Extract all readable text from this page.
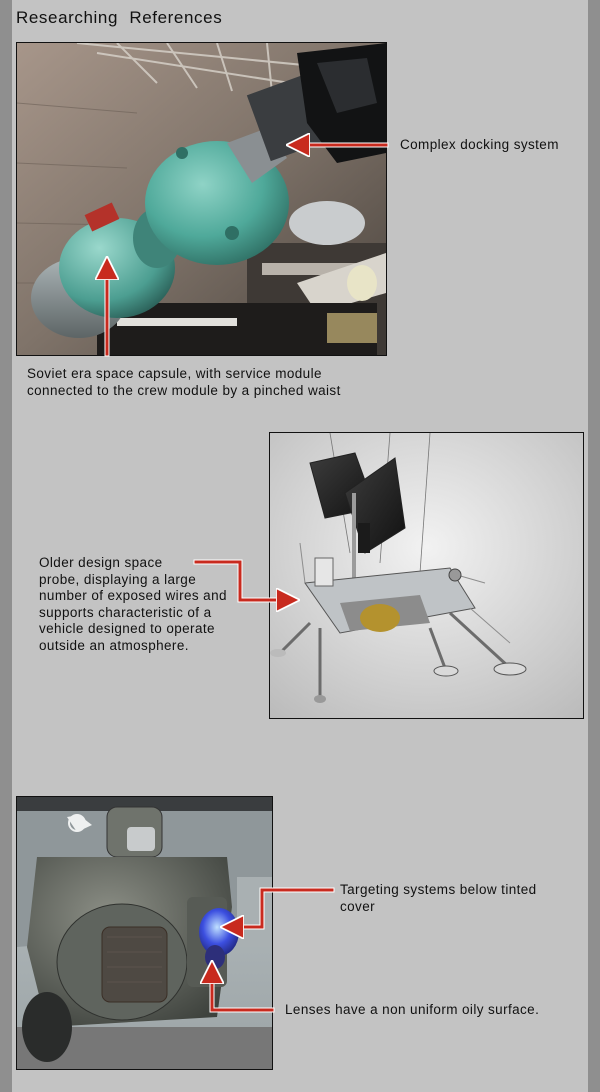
Researching References
Complex docking system
Soviet era space capsule, with service module
connected to the crew module by a pinched waist
Older design space
probe, displaying a large
number of exposed wires and
supports characteristic of a
vehicle designed to operate
outside an atmosphere.
Targeting systems below tinted
cover
Lenses have a non uniform oily surface.
